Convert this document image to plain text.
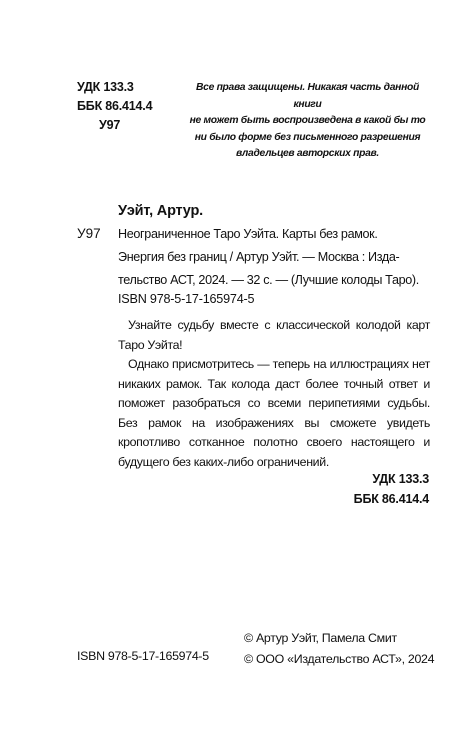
УДК 133.3
ББК 86.414.4
У97
Все права защищены. Никакая часть данной книги
не может быть воспроизведена в какой бы то
ни было форме без письменного разрешения
владельцев авторских прав.
Уэйт, Артур.
У97 Неограниченное Таро Уэйта. Карты без рамок.
Энергия без границ / Артур Уэйт. — Москва : Изда-
тельство АСТ, 2024. — 32 с. — (Лучшие колоды Таро).
ISBN 978-5-17-165974-5

Узнайте судьбу вместе с классической колодой карт Таро Уэйта!

Однако присмотритесь — теперь на иллюстрациях нет никаких рамок. Так колода даст более точный ответ и поможет разобраться со всеми перипетиями судьбы. Без рамок на изображениях вы сможете увидеть кропотливо сотканное полотно своего настоящего и будущего без каких-либо ограничений.

УДК 133.3
ББК 86.414.4
© Артур Уэйт, Памела Смит
© ООО «Издательство АСТ», 2024
ISBN 978-5-17-165974-5
